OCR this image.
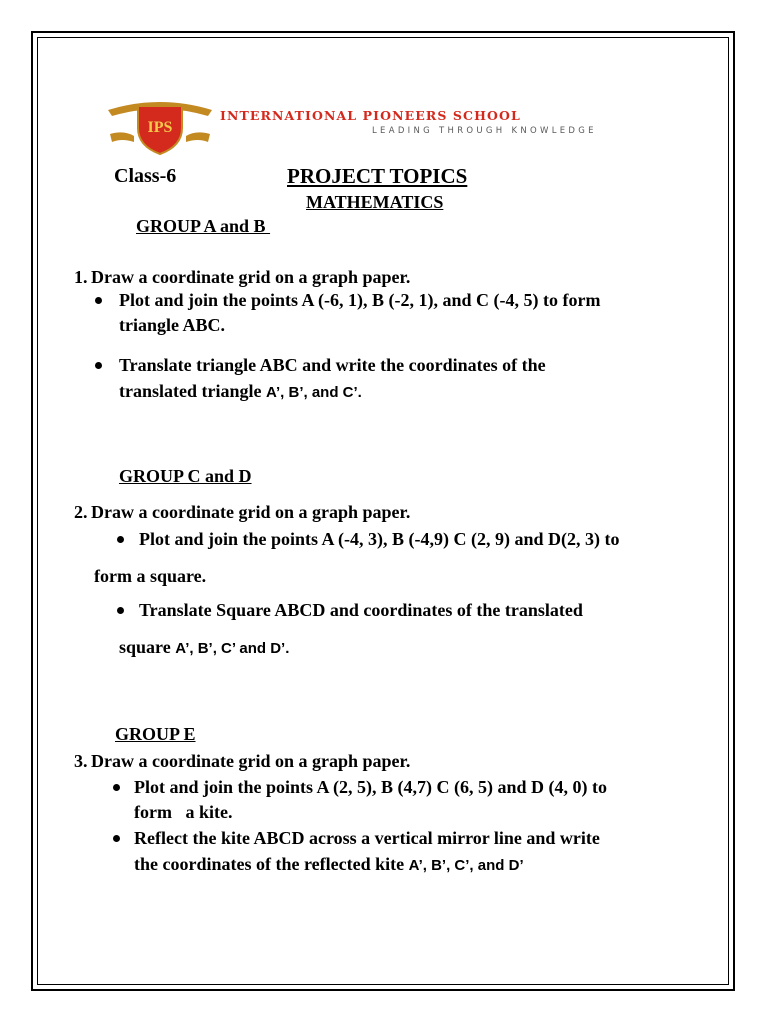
IPS
INTERNATIONAL PIONEERS SCHOOL
LEADING THROUGH KNOWLEDGE
Class-6	PROJECT TOPICS
MATHEMATICS
GROUP A and B
1. Draw a coordinate grid on a graph paper.
Plot and join the points A (-6, 1), B (-2, 1), and C (-4, 5) to form
triangle ABC.
Translate triangle ABC and write the coordinates of the
translated triangle A’, B’, and C’.
GROUP C and D
2. Draw a coordinate grid on a graph paper.
Plot and join the points A (-4, 3), B (-4,9) C (2, 9) and D(2, 3) to
form a square.
Translate Square ABCD and coordinates of the translated
square A’, B’, C’ and D’.
GROUP E
3. Draw a coordinate grid on a graph paper.
Plot and join the points A (2, 5), B (4,7) C (6, 5) and D (4, 0) to
form   a kite.
Reflect the kite ABCD across a vertical mirror line and write
the coordinates of the reflected kite A’, B’, C’, and D’
